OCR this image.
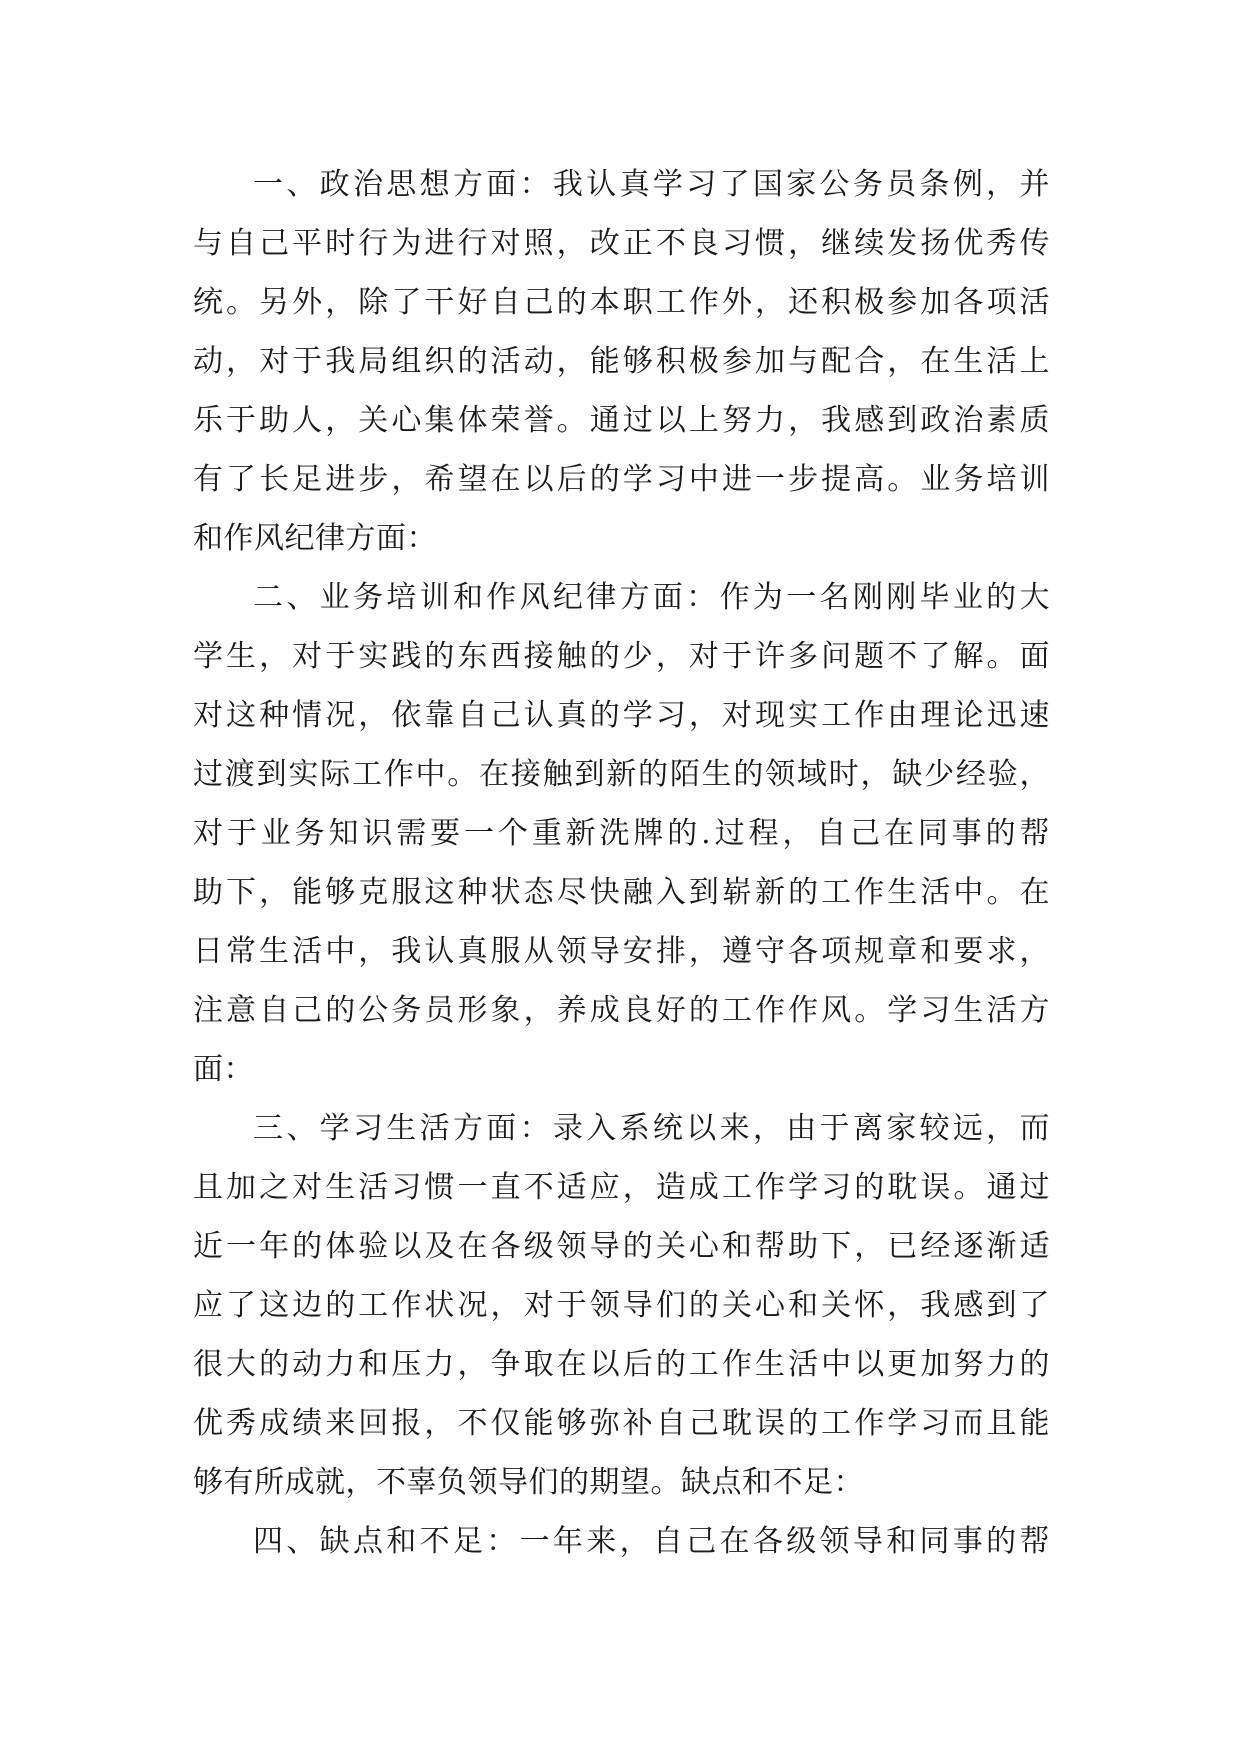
一、政治思想方面：我认真学习了国家公务员条例，并
与自己平时行为进行对照，改正不良习惯，继续发扬优秀传
统。另外，除了干好自己的本职工作外，还积极参加各项活
动，对于我局组织的活动，能够积极参加与配合，在生活上
乐于助人，关心集体荣誉。通过以上努力，我感到政治素质
有了长足进步，希望在以后的学习中进一步提高。业务培训
和作风纪律方面：
二、业务培训和作风纪律方面：作为一名刚刚毕业的大
学生，对于实践的东西接触的少，对于许多问题不了解。面
对这种情况，依靠自己认真的学习，对现实工作由理论迅速
过渡到实际工作中。在接触到新的陌生的领域时，缺少经验，
对于业务知识需要一个重新洗牌的.过程，自己在同事的帮
助下，能够克服这种状态尽快融入到崭新的工作生活中。在
日常生活中，我认真服从领导安排，遵守各项规章和要求，
注意自己的公务员形象，养成良好的工作作风。学习生活方
面：
三、学习生活方面：录入系统以来，由于离家较远，而
且加之对生活习惯一直不适应，造成工作学习的耽误。通过
近一年的体验以及在各级领导的关心和帮助下，已经逐渐适
应了这边的工作状况，对于领导们的关心和关怀，我感到了
很大的动力和压力，争取在以后的工作生活中以更加努力的
优秀成绩来回报，不仅能够弥补自己耽误的工作学习而且能
够有所成就，不辜负领导们的期望。缺点和不足：
四、缺点和不足：一年来，自己在各级领导和同事的帮
